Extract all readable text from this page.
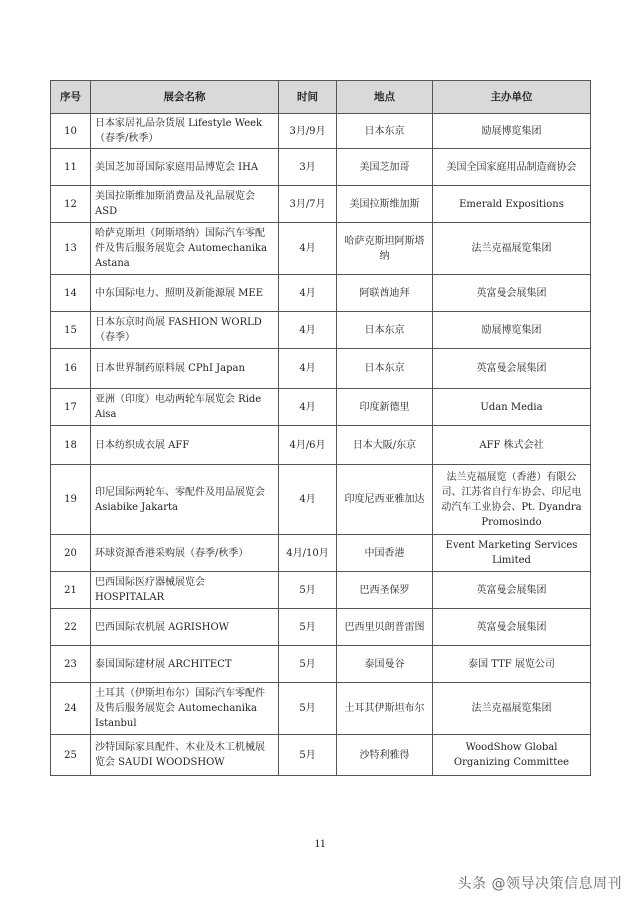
序号	展会名称	时间	地点	主办单位
10	日本家居礼品杂货展 Lifestyle Week（春季/秋季）	3月/9月	日本东京	励展博览集团
11	美国芝加哥国际家庭用品博览会 IHA	3月	美国芝加哥	美国全国家庭用品制造商协会
12	美国拉斯维加斯消费品及礼品展览会 ASD	3月/7月	美国拉斯维加斯	Emerald Expositions
13	哈萨克斯坦（阿斯塔纳）国际汽车零配件及售后服务展览会 Automechanika Astana	4月	哈萨克斯坦阿斯塔纳	法兰克福展览集团
14	中东国际电力、照明及新能源展 MEE	4月	阿联酋迪拜	英富曼会展集团
15	日本东京时尚展 FASHION WORLD（春季）	4月	日本东京	励展博览集团
16	日本世界制药原料展 CPhI Japan	4月	日本东京	英富曼会展集团
17	亚洲（印度）电动两轮车展览会 Ride Aisa	4月	印度新德里	Udan Media
18	日本纺织成衣展 AFF	4月/6月	日本大阪/东京	AFF 株式会社
19	印尼国际两轮车、零配件及用品展览会 Asiabike Jakarta	4月	印度尼西亚雅加达	法兰克福展览（香港）有限公司、江苏省自行车协会、印尼电动汽车工业协会、Pt. Dyandra Promosindo
20	环球资源香港采购展（春季/秋季）	4月/10月	中国香港	Event Marketing Services Limited
21	巴西国际医疗器械展览会 HOSPITALAR	5月	巴西圣保罗	英富曼会展集团
22	巴西国际农机展 AGRISHOW	5月	巴西里贝朗普雷图	英富曼会展集团
23	泰国国际建材展 ARCHITECT	5月	泰国曼谷	泰国 TTF 展览公司
24	土耳其（伊斯坦布尔）国际汽车零配件及售后服务展览会 Automechanika Istanbul	5月	土耳其伊斯坦布尔	法兰克福展览集团
25	沙特国际家具配件、木业及木工机械展览会 SAUDI WOODSHOW	5月	沙特利雅得	WoodShow Global Organizing Committee
11
头条 @领导决策信息周刊
